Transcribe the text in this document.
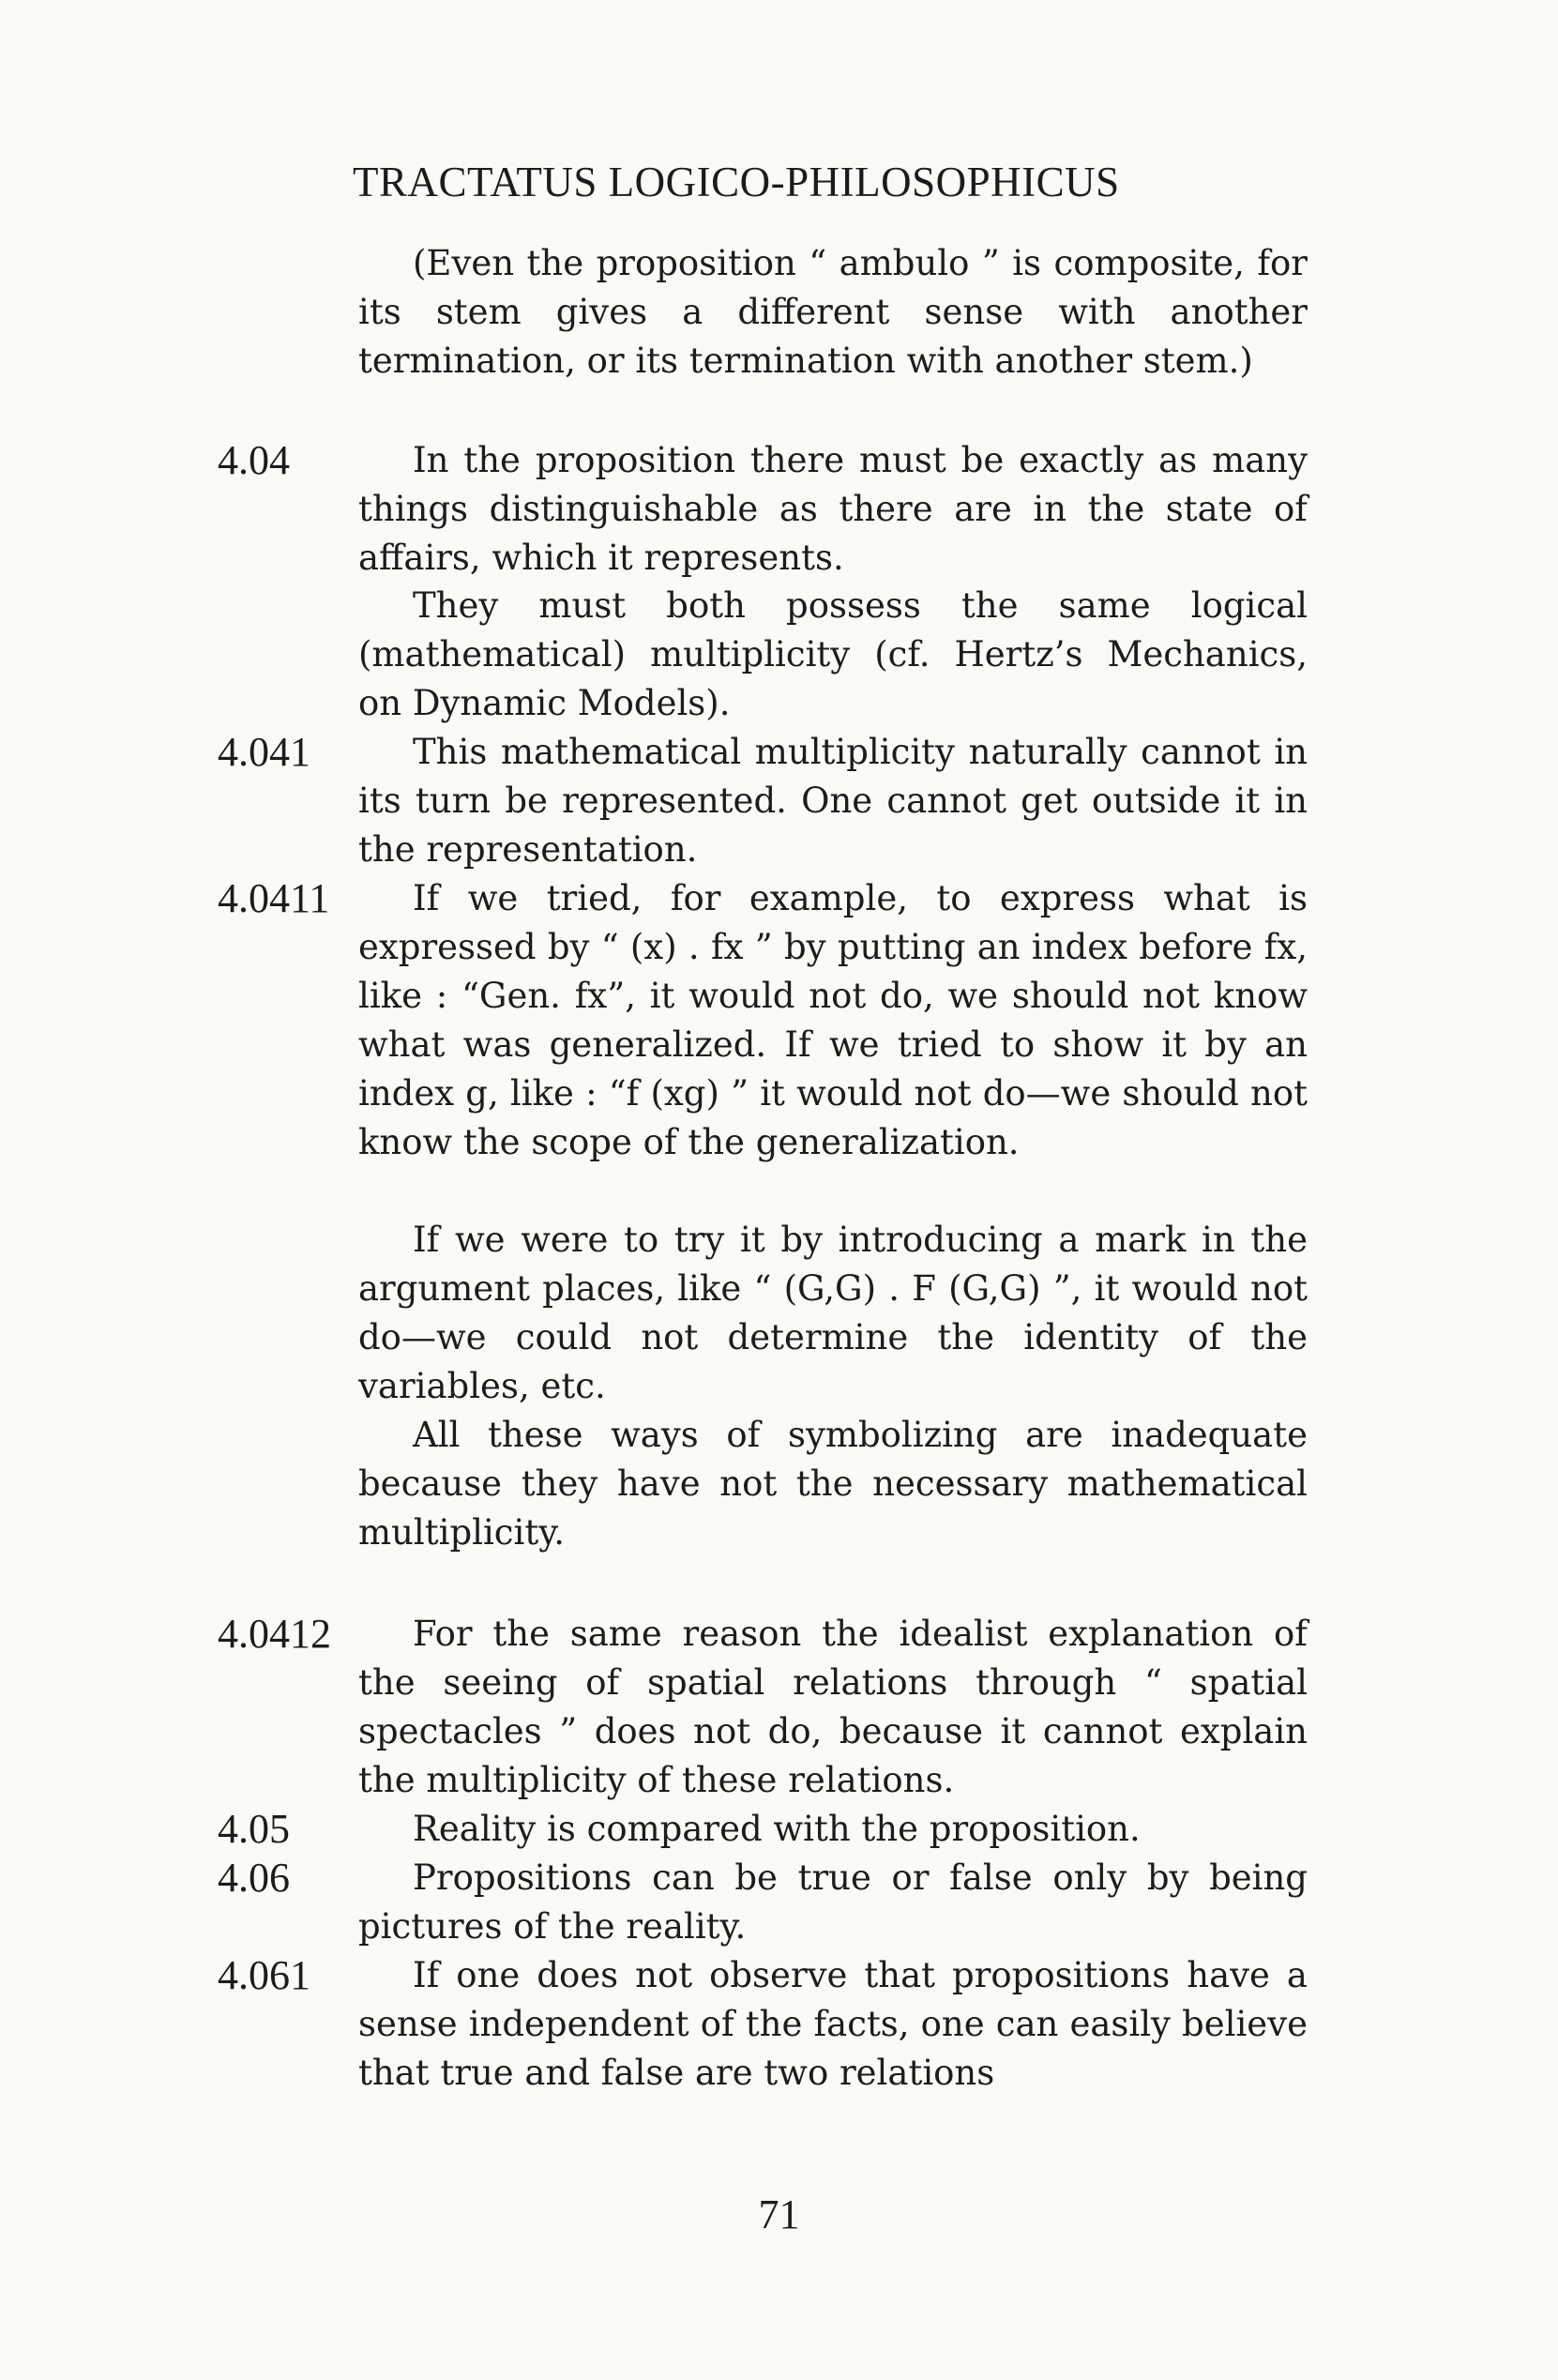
TRACTATUS LOGICO-PHILOSOPHICUS

(Even the proposition “ ambulo ” is composite, for its stem gives a different sense with another termination, or its termination with another stem.)

4.04	In the proposition there must be exactly as many things distinguishable as there are in the state of affairs, which it represents.

They must both possess the same logical (mathematical) multiplicity (cf. Hertz’s Mechanics, on Dynamic Models).

4.041	This mathematical multiplicity naturally cannot in its turn be represented. One cannot get outside it in the representation.

4.0411	If we tried, for example, to express what is expressed by “ (x) . fx ” by putting an index before fx, like : “Gen. fx”, it would not do, we should not know what was generalized. If we tried to show it by an index g, like : “f (xg) ” it would not do—we should not know the scope of the generalization.

If we were to try it by introducing a mark in the argument places, like “ (G,G) . F (G,G) ”, it would not do—we could not determine the identity of the variables, etc.

All these ways of symbolizing are inadequate because they have not the necessary mathematical multiplicity.

4.0412	For the same reason the idealist explanation of the seeing of spatial relations through “ spatial spectacles ” does not do, because it cannot explain the multiplicity of these relations.

4.05	Reality is compared with the proposition.

4.06	Propositions can be true or false only by being pictures of the reality.

4.061	If one does not observe that propositions have a sense independent of the facts, one can easily believe that true and false are two relations

71
